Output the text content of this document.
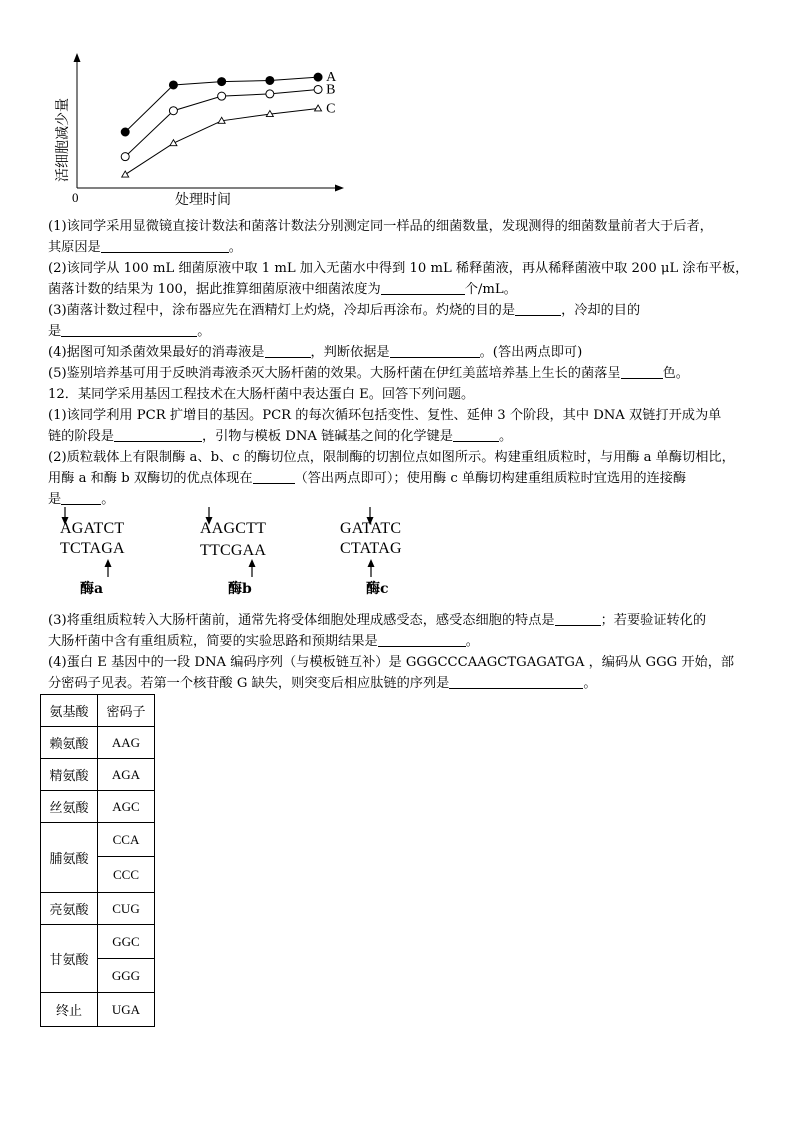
0	处理时间
活细胞减少量
A
B
C
(1)该同学采用显微镜直接计数法和菌落计数法分别测定同一样品的细菌数量，发现测得的细菌数量前者大于后者，
其原因是	。
(2)该同学从 100 mL 细菌原液中取 1 mL 加入无菌水中得到 10 mL 稀释菌液，再从稀释菌液中取 200 μL 涂布平板，
菌落计数的结果为 100，据此推算细菌原液中细菌浓度为	个/mL。
(3)菌落计数过程中，涂布器应先在酒精灯上灼烧，冷却后再涂布。灼烧的目的是	，冷却的目的
是	。
(4)据图可知杀菌效果最好的消毒液是	，判断依据是	。(答出两点即可)
(5)鉴别培养基可用于反映消毒液杀灭大肠杆菌的效果。大肠杆菌在伊红美蓝培养基上生长的菌落呈	色。
12．某同学采用基因工程技术在大肠杆菌中表达蛋白 E。回答下列问题。
(1)该同学利用 PCR 扩增目的基因。PCR 的每次循环包括变性、复性、延伸 3 个阶段，其中 DNA 双链打开成为单
链的阶段是	，引物与模板 DNA 链碱基之间的化学键是	。
(2)质粒载体上有限制酶 a、b、c 的酶切位点，限制酶的切割位点如图所示。构建重组质粒时，与用酶 a 单酶切相比，
用酶 a 和酶 b 双酶切的优点体现在	（答出两点即可）；使用酶 c 单酶切构建重组质粒时宜选用的连接酶
是	。
AGATCT
TCTAGA
酶a
AAGCTT
TTCGAA
酶b
GATATC
CTATAG
酶c
(3)将重组质粒转入大肠杆菌前，通常先将受体细胞处理成感受态，感受态细胞的特点是	；若要验证转化的
大肠杆菌中含有重组质粒，简要的实验思路和预期结果是	。
(4)蛋白 E 基因中的一段 DNA 编码序列（与模板链互补）是 GGGCCCAAGCTGAGATGA ，编码从 GGG 开始，部
分密码子见表。若第一个核苷酸 G 缺失，则突变后相应肽链的序列是	。
氨基酸	密码子
赖氨酸	AAG
精氨酸	AGA
丝氨酸	AGC
脯氨酸	CCA
	CCC
亮氨酸	CUG
甘氨酸	GGC
	GGG
终止	UGA
